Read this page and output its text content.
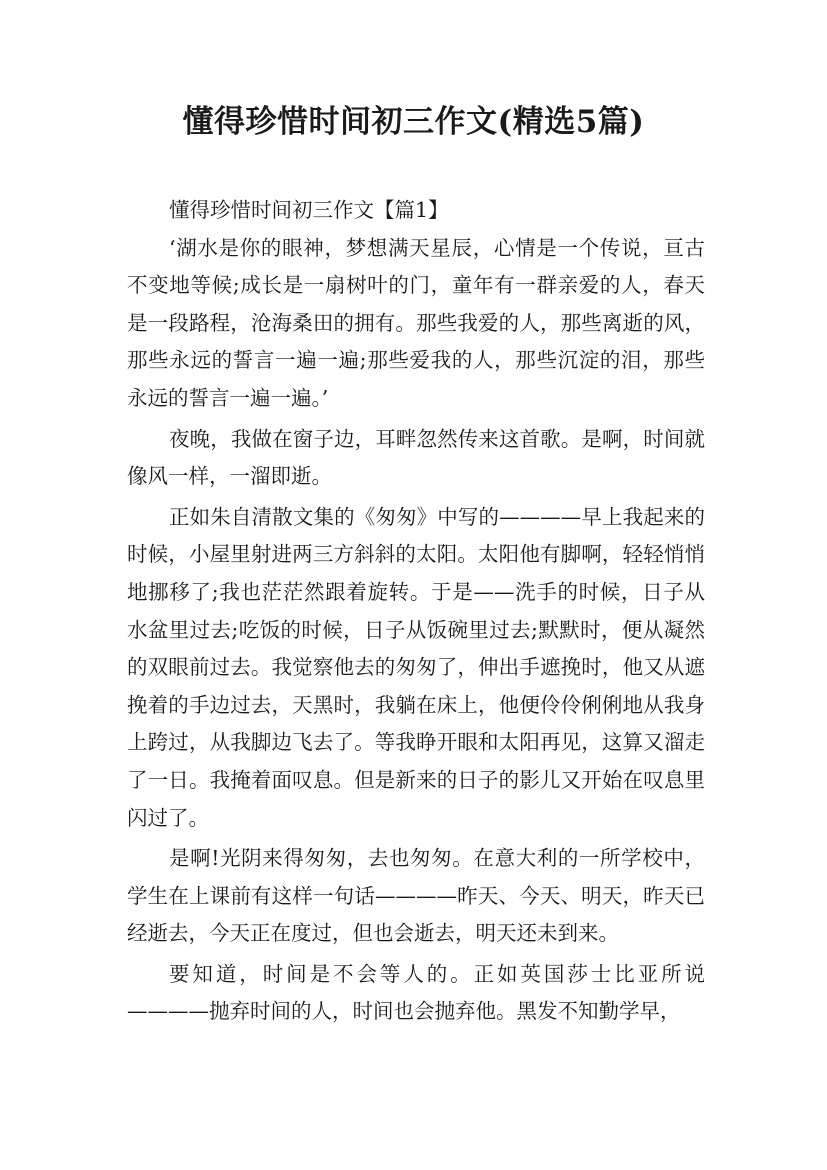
懂得珍惜时间初三作文(精选5篇)
懂得珍惜时间初三作文【篇1】

‘湖水是你的眼神，梦想满天星辰，心情是一个传说，亘古不变地等候;成长是一扇树叶的门，童年有一群亲爱的人，春天是一段路程，沧海桑田的拥有。那些我爱的人，那些离逝的风，那些永远的誓言一遍一遍;那些爱我的人，那些沉淀的泪，那些永远的誓言一遍一遍。’

夜晚，我做在窗子边，耳畔忽然传来这首歌。是啊，时间就像风一样，一溜即逝。

正如朱自清散文集的《匆匆》中写的————早上我起来的时候，小屋里射进两三方斜斜的太阳。太阳他有脚啊，轻轻悄悄地挪移了;我也茫茫然跟着旋转。于是——洗手的时候，日子从水盆里过去;吃饭的时候，日子从饭碗里过去;默默时，便从凝然的双眼前过去。我觉察他去的匆匆了，伸出手遮挽时，他又从遮挽着的手边过去，天黑时，我躺在床上，他便伶伶俐俐地从我身上跨过，从我脚边飞去了。等我睁开眼和太阳再见，这算又溜走了一日。我掩着面叹息。但是新来的日子的影儿又开始在叹息里闪过了。

是啊!光阴来得匆匆，去也匆匆。在意大利的一所学校中，学生在上课前有这样一句话————昨天、今天、明天，昨天已经逝去，今天正在度过，但也会逝去，明天还未到来。

要知道，时间是不会等人的。正如英国莎士比亚所说————抛弃时间的人，时间也会抛弃他。黑发不知勤学早，
